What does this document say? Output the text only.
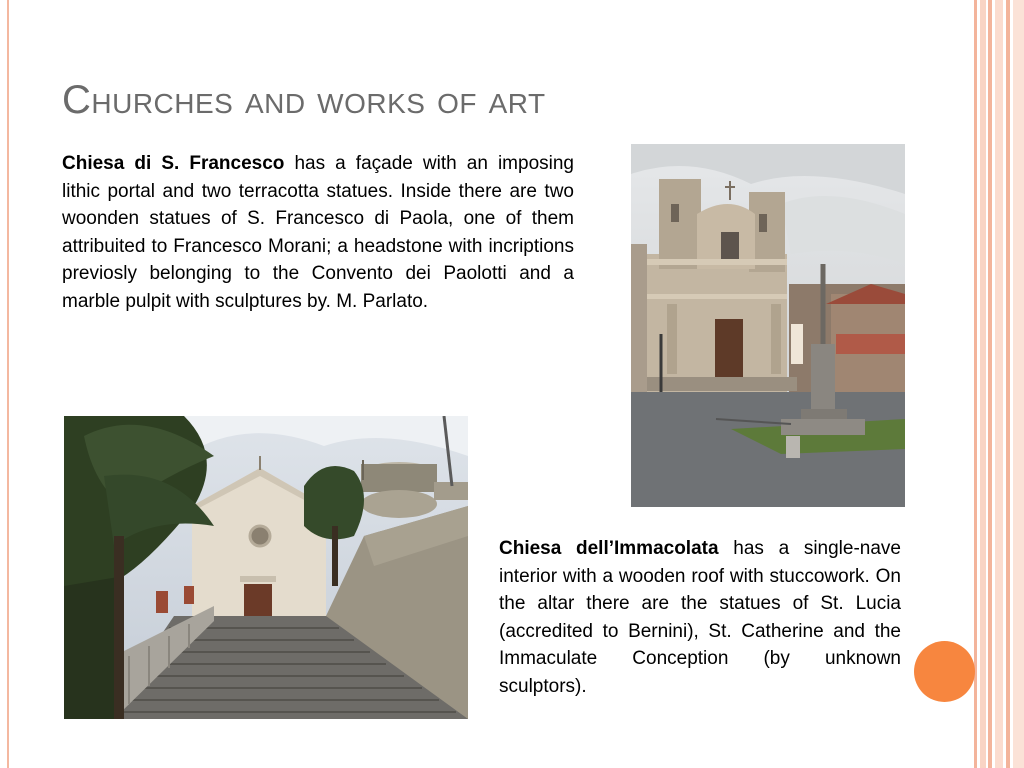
Churches and works of art

Chiesa di S. Francesco has a façade with an imposing lithic portal and two terracotta statues. Inside there are two woonden statues of S. Francesco di Paola, one of them attribuited to Francesco Morani; a headstone with incriptions previosly belonging to the Convento dei Paolotti and a marble pulpit with sculptures by. M. Parlato.

Chiesa dell’Immacolata has a single-nave interior with a wooden roof with stuccowork. On the altar there are the statues of St. Lucia (accredited to Bernini), St. Catherine and the Immaculate Conception (by unknown sculptors).
